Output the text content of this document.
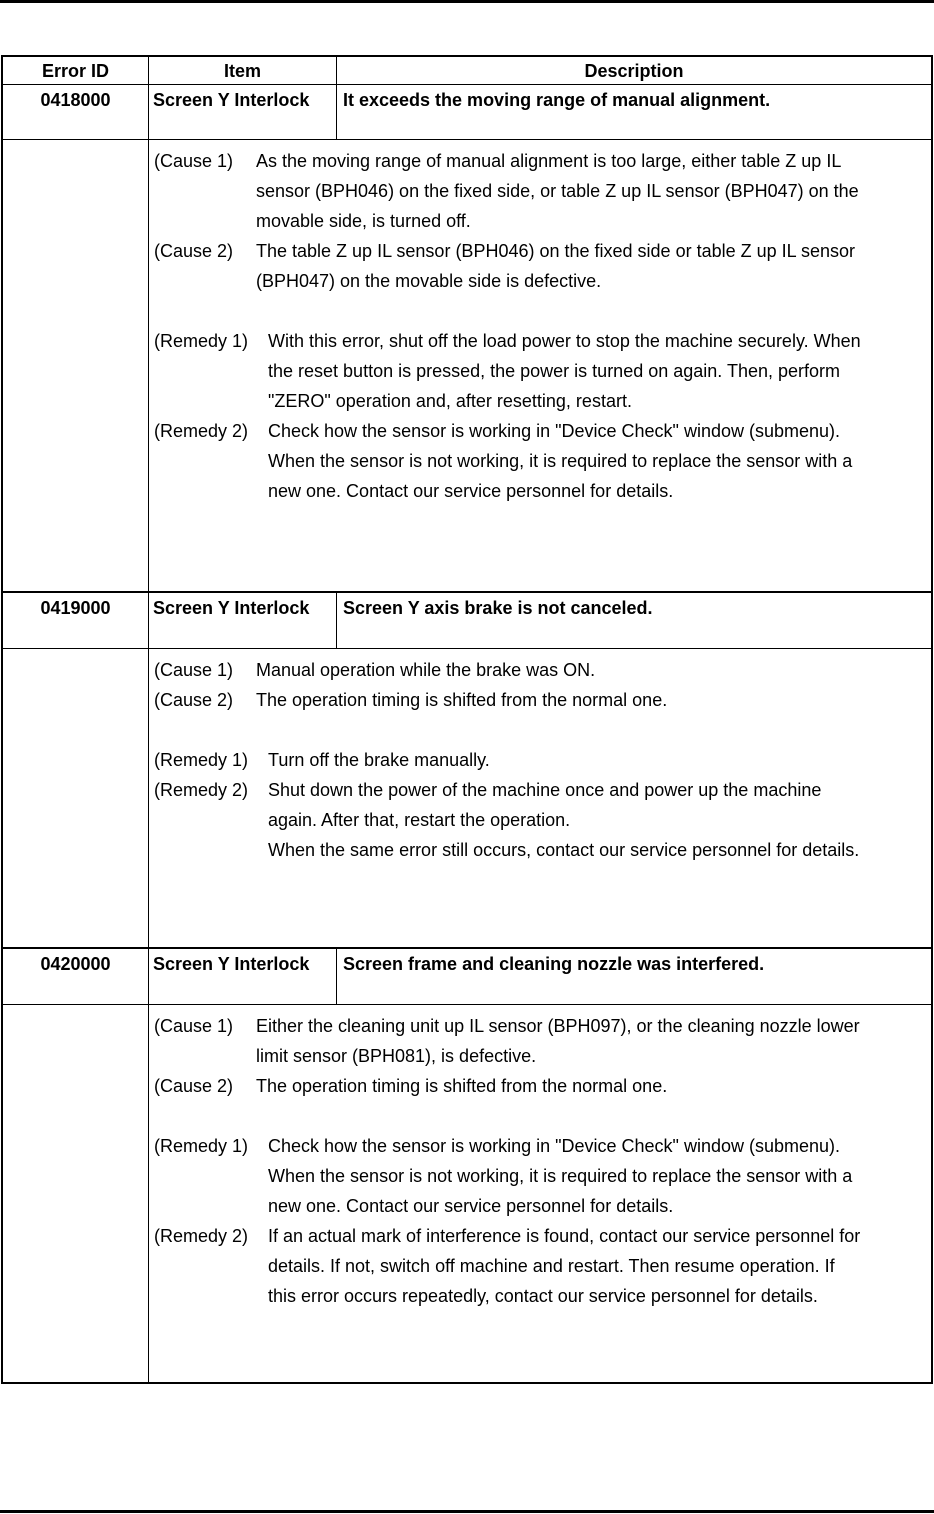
Error ID	Item	Description
0418000	Screen Y Interlock	It exceeds the moving range of manual alignment.
(Cause 1)	As the moving range of manual alignment is too large, either table Z up IL
sensor (BPH046) on the fixed side, or table Z up IL sensor (BPH047) on the
movable side, is turned off.
(Cause 2)	The table Z up IL sensor (BPH046) on the fixed side or table Z up IL sensor
(BPH047) on the movable side is defective.
(Remedy 1)	With this error, shut off the load power to stop the machine securely. When
the reset button is pressed, the power is turned on again. Then, perform
"ZERO" operation and, after resetting, restart.
(Remedy 2)	Check how the sensor is working in "Device Check" window (submenu).
When the sensor is not working, it is required to replace the sensor with a
new one. Contact our service personnel for details.
0419000	Screen Y Interlock	Screen Y axis brake is not canceled.
(Cause 1)	Manual operation while the brake was ON.
(Cause 2)	The operation timing is shifted from the normal one.
(Remedy 1)	Turn off the brake manually.
(Remedy 2)	Shut down the power of the machine once and power up the machine
again. After that, restart the operation.
When the same error still occurs, contact our service personnel for details.
0420000	Screen Y Interlock	Screen frame and cleaning nozzle was interfered.
(Cause 1)	Either the cleaning unit up IL sensor (BPH097), or the cleaning nozzle lower
limit sensor (BPH081), is defective.
(Cause 2)	The operation timing is shifted from the normal one.
(Remedy 1)	Check how the sensor is working in "Device Check" window (submenu).
When the sensor is not working, it is required to replace the sensor with a
new one. Contact our service personnel for details.
(Remedy 2)	If an actual mark of interference is found, contact our service personnel for
details. If not, switch off machine and restart. Then resume operation. If
this error occurs repeatedly, contact our service personnel for details.
